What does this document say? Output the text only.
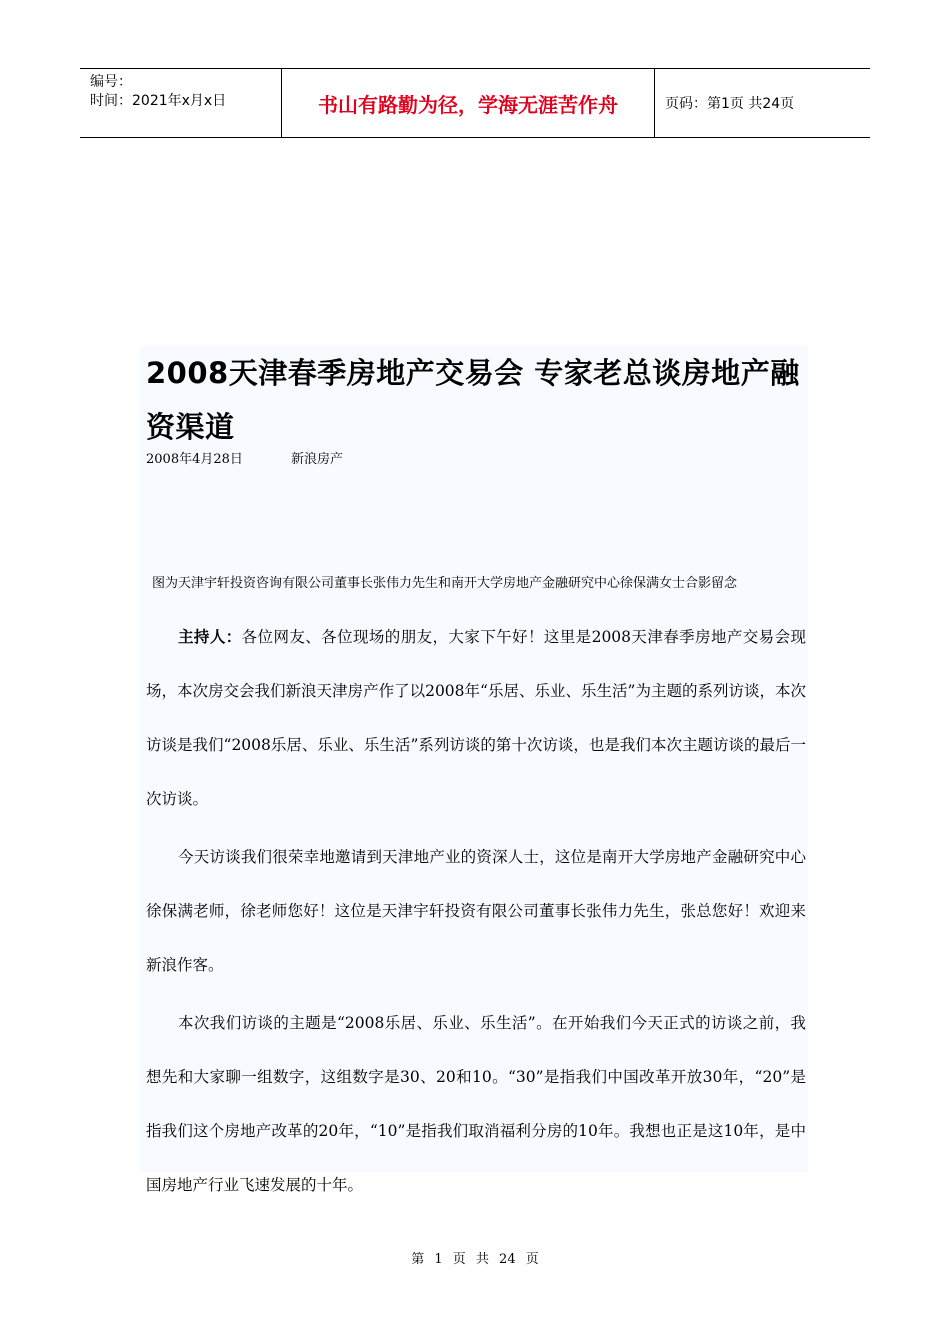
编号：
时间：2021年x月x日	书山有路勤为径，学海无涯苦作舟	页码：第1页 共24页
2008天津春季房地产交易会 专家老总谈房地产融资渠道
2008年4月28日	新浪房产
图为天津宇轩投资咨询有限公司董事长张伟力先生和南开大学房地产金融研究中心徐保满女士合影留念

主持人：各位网友、各位现场的朋友，大家下午好！这里是2008天津春季房地产交易会现场，本次房交会我们新浪天津房产作了以2008年“乐居、乐业、乐生活”为主题的系列访谈，本次访谈是我们“2008乐居、乐业、乐生活”系列访谈的第十次访谈，也是我们本次主题访谈的最后一次访谈。

今天访谈我们很荣幸地邀请到天津地产业的资深人士，这位是南开大学房地产金融研究中心徐保满老师，徐老师您好！这位是天津宇轩投资有限公司董事长张伟力先生，张总您好！欢迎来新浪作客。

本次我们访谈的主题是“2008乐居、乐业、乐生活”。在开始我们今天正式的访谈之前，我想先和大家聊一组数字，这组数字是30、20和10。“30”是指我们中国改革开放30年，“20”是指我们这个房地产改革的20年，“10”是指我们取消福利分房的10年。我想也正是这10年，是中国房地产行业飞速发展的十年。

第 1 页 共 24 页
